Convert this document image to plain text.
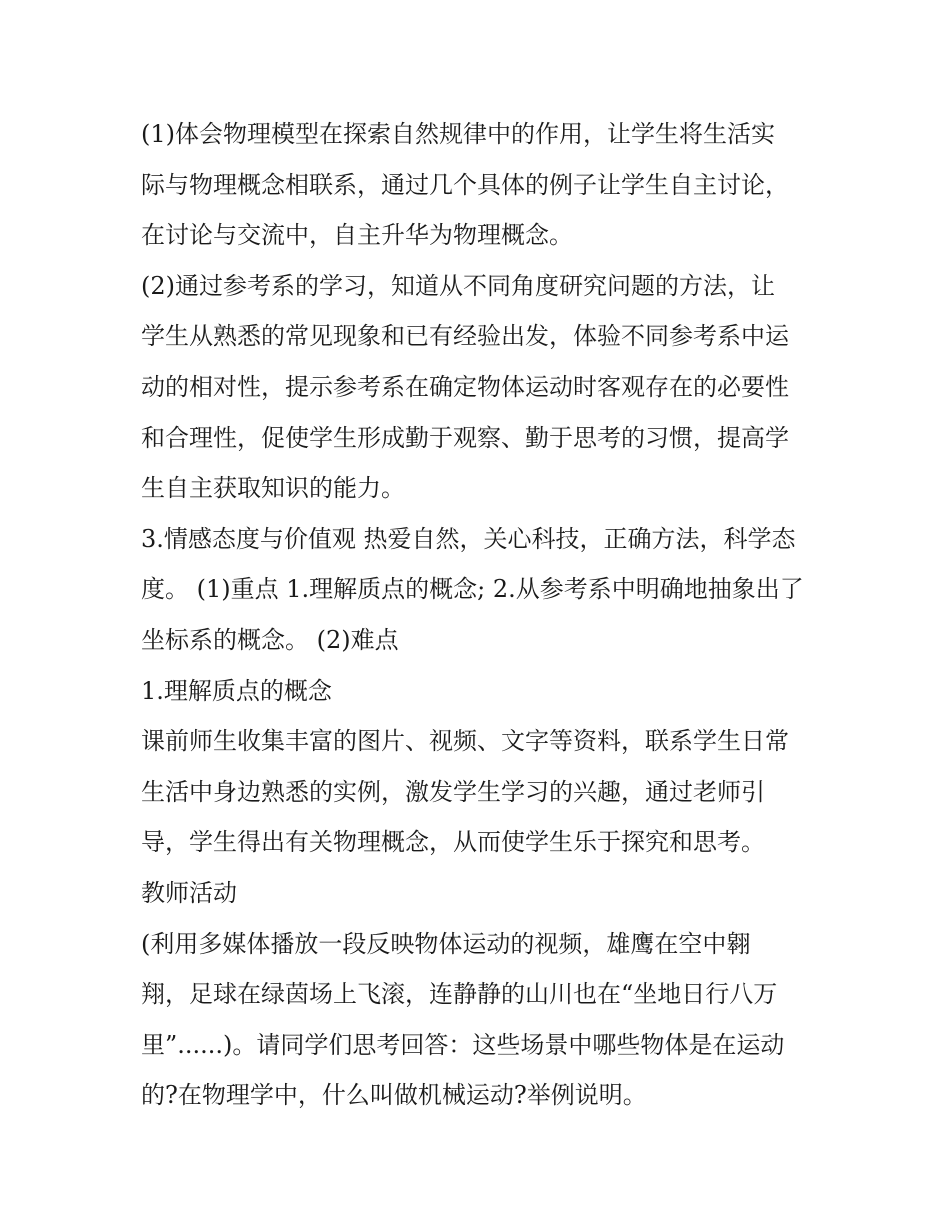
(1)体会物理模型在探索自然规律中的作用，让学生将生活实
际与物理概念相联系，通过几个具体的例子让学生自主讨论，
在讨论与交流中，自主升华为物理概念。
(2)通过参考系的学习，知道从不同角度研究问题的方法，让
学生从熟悉的常见现象和已有经验出发，体验不同参考系中运
动的相对性，提示参考系在确定物体运动时客观存在的必要性
和合理性，促使学生形成勤于观察、勤于思考的习惯，提高学
生自主获取知识的能力。
3.情感态度与价值观 热爱自然，关心科技，正确方法，科学态
度。 (1)重点 1.理解质点的概念; 2.从参考系中明确地抽象出了
坐标系的概念。 (2)难点
1.理解质点的概念
课前师生收集丰富的图片、视频、文字等资料，联系学生日常
生活中身边熟悉的实例，激发学生学习的兴趣，通过老师引
导，学生得出有关物理概念，从而使学生乐于探究和思考。
教师活动
(利用多媒体播放一段反映物体运动的视频，雄鹰在空中翱
翔，足球在绿茵场上飞滚，连静静的山川也在“坐地日行八万
里”......)。请同学们思考回答：这些场景中哪些物体是在运动
的?在物理学中，什么叫做机械运动?举例说明。
